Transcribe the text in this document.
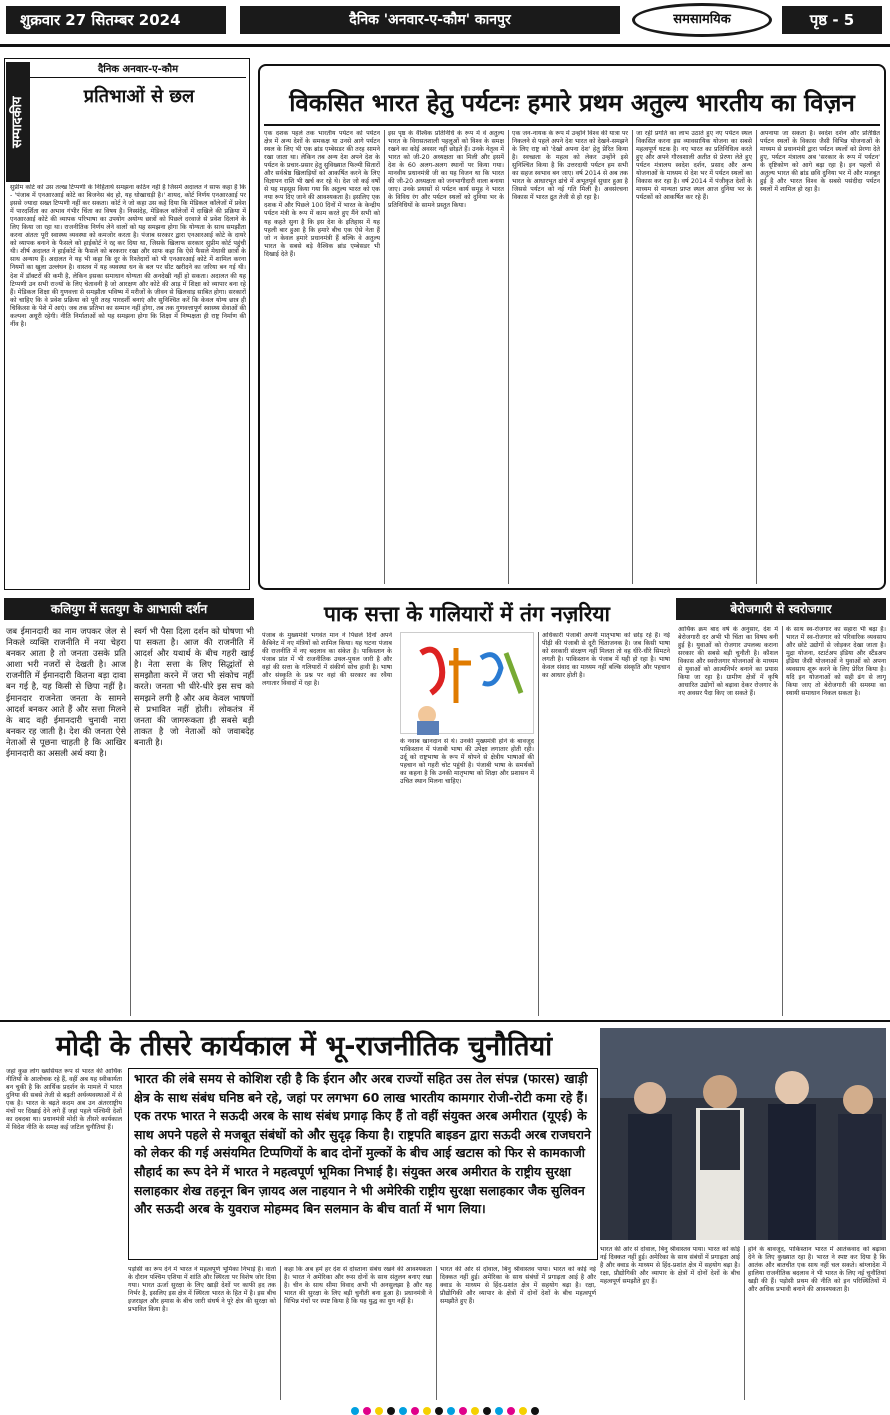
शुक्रवार 27 सितम्बर 2024	दैनिक 'अनवार-ए-कौम' कानपुर	समसामयिक	पृष्ठ - 5
सम्पादकीय
दैनिक अनवार-ए-कौम
प्रतिभाओं से छल
सुप्रीम कोर्ट को उस तल्ख टिप्पणी के निहितार्थ समझना कठिन नहीं है जिसमें अदालत ने साफ कहा है कि - 'पंजाब में एनआरआई कोटे का बिजनेस बंद हो, यह धोखाधड़ी है।' शायद, कोर्ट निर्णय एनआरआई पर इससे ज्यादा सख्त टिप्पणी नहीं कर सकता। कोर्ट ने जो कहा उस कहे दिया कि मेडिकल कॉलेजों में प्रवेश में पारदर्शिता का अभाव गंभीर चिंता का विषय है। निस्संदेह, मेडिकल कॉलेजों में दाखिले की प्रक्रिया में एनआरआई कोटे की व्यापक परिभाषा का उपयोग अयोग्य छात्रों को पिछले दरवाजे से प्रवेश दिलाने के लिए किया जा रहा था। राजनीतिक निर्णय लेने वालों को यह समझना होगा कि योग्यता के साथ समझौता करना अंततः पूरी स्वास्थ्य व्यवस्था को कमजोर करता है। पंजाब सरकार द्वारा एनआरआई कोटे के दायरे को व्यापक बनाने के फैसले को हाईकोर्ट ने रद्द कर दिया था, जिसके खिलाफ सरकार सुप्रीम कोर्ट पहुंची थी। शीर्ष अदालत ने हाईकोर्ट के फैसले को बरकरार रखा और साफ कहा कि ऐसे फैसले मेधावी छात्रों के साथ अन्याय हैं। अदालत ने यह भी कहा कि दूर के रिश्तेदारों को भी एनआरआई कोटे में शामिल करना नियमों का खुला उल्लंघन है। वास्तव में यह व्यवस्था धन के बल पर सीट खरीदने का जरिया बन गई थी। देश में डॉक्टरों की कमी है, लेकिन इसका समाधान योग्यता की अनदेखी नहीं हो सकता। अदालत की यह टिप्पणी उन सभी राज्यों के लिए चेतावनी है जो आरक्षण और कोटे की आड़ में शिक्षा को व्यापार बना रहे हैं। मेडिकल शिक्षा की गुणवत्ता से समझौता भविष्य में मरीजों के जीवन से खिलवाड़ साबित होगा। सरकारों को चाहिए कि वे प्रवेश प्रक्रिया को पूरी तरह पारदर्शी बनाएं और सुनिश्चित करें कि केवल योग्य छात्र ही चिकित्सा के पेशे में आएं। जब तक प्रतिभा का सम्मान नहीं होगा, तब तक गुणवत्तापूर्ण स्वास्थ्य सेवाओं की कल्पना अधूरी रहेगी। नीति निर्माताओं को यह समझना होगा कि शिक्षा में निष्पक्षता ही राष्ट्र निर्माण की नींव है।
विकसित भारत हेतु पर्यटनः हमारे प्रथम अतुल्य भारतीय का विज़न
एक दशक पहले तक भारतीय पर्यटन को पर्यटन क्षेत्र में अन्य देशों के समकक्ष या उनसे आगे पर्यटन स्थल के लिए भी एक ब्रांड एम्बेसडर की तरह सामने रखा जाता था। लेकिन तब अन्य देश अपने देश के पर्यटन के प्रचार-प्रसार हेतु सुविख्यात फिल्मी सितारों और सर्वश्रेष्ठ खिलाड़ियों को आकर्षित करने के लिए विज्ञापन राशि भी खर्च कर रहे थे। देश जो कई वर्षों से यह महसूस किया गया कि अतुल्य भारत को एक नया रूप दिए जाने की आवश्यकता है। इसलिए एक दशक में और पिछले 100 दिनों में भारत के केन्द्रीय पर्यटन मंत्री के रूप में काम करते हुए मैंने सभी को यह कहते सुना है कि इस देश के इतिहास में यह पहली बार हुआ है कि हमारे बीच एक ऐसे नेता हैं जो न केवल हमारे प्रधानमंत्री हैं बल्कि वे अतुल्य भारत के सबसे बड़े वैश्विक ब्रांड एम्बेसडर भी दिखाई देते हैं।
इस पृष्ठ के वैश्विक प्रतिनिधि के रूप में वे अतुल्य भारत के विरासतशाली पहलुओं को विश्व के समक्ष रखने का कोई अवसर नहीं छोड़ते हैं। उनके नेतृत्व में भारत को जी-20 अध्यक्षता का मिली और इसमें देश के 60 अलग-अलग स्थानों पर किया गया। मानवीय प्रधानमंत्री जी का यह विजन था कि भारत की जी-20 अध्यक्षता को जनभागीदारी वाला बनाया जाए। उनके प्रयासों से पर्यटन कार्य समूह ने भारत के विविध रंग और पर्यटन स्थलों को दुनिया भर के प्रतिनिधियों के सामने प्रस्तुत किया।
एक जन-नायक के रूप में उन्होंने विश्व की यात्रा पर निकलने से पहले अपने देश भारत को देखने-समझने के लिए राष्ट्र को 'देखो अपना देश' हेतु प्रेरित किया है। स्वच्छता के महत्व को लेकर उन्होंने इसे सुनिश्चित किया है कि उत्तरदायी पर्यटन हम सभी का सहज स्वभाव बन जाए। वर्ष 2014 से अब तक भारत के आधारभूत ढांचे में अभूतपूर्व सुधार हुआ है जिससे पर्यटन को नई गति मिली है। अवसंरचना विकास में भारत द्रुत तेजी से हो रहा है।
जा रही प्रगति का लाभ उठाते हुए नए पर्यटन स्थल विकसित करना इस व्यावसायिक योजना का सबसे महत्वपूर्ण घटक है। नए भारत का प्रतिनिधित्व करते हुए और अपने गौरवशाली अतीत से प्रेरणा लेते हुए पर्यटन मंत्रालय स्वदेश दर्शन, प्रसाद और अन्य योजनाओं के माध्यम से देश भर में पर्यटन स्थलों का विकास कर रहा है। वर्ष 2014 में पंजीकृत देशों के माध्यम से मान्यता प्राप्त स्थल आज दुनिया भर के पर्यटकों को आकर्षित कर रहे हैं।
अपनाया जा सकता है। स्वदेश दर्शन और प्रतिष्ठित पर्यटन स्थलों के विकास जैसी विभिन्न योजनाओं के माध्यम से प्रधानमंत्री द्वारा पर्यटन स्थलों को प्रेरणा देते हुए, पर्यटन मंत्रालय अब 'सरकार के रूप में पर्यटन' के दृष्टिकोण को आगे बढ़ा रहा है। इन पहलों से अतुल्य भारत की ब्रांड छवि दुनिया भर में और मजबूत हुई है और भारत विश्व के सबसे पसंदीदा पर्यटन स्थलों में शामिल हो रहा है।
कलियुग में सतयुग के आभासी दर्शन
जब ईमानदारी का नाम जपकर जेल से निकले व्यक्ति राजनीति में नया चेहरा बनकर आता है तो जनता उसके प्रति आशा भरी नजरों से देखती है। आज राजनीति में ईमानदारी कितना बड़ा दावा बन गई है, यह किसी से छिपा नहीं है। ईमानदार राजनेता जनता के सामने आदर्श बनकर आते हैं और सत्ता मिलने के बाद वही ईमानदारी चुनावी नारा बनकर रह जाती है। देश की जनता ऐसे नेताओं से पूछना चाहती है कि आखिर ईमानदारी का असली अर्थ क्या है।
स्वर्ग भी पैसा दिला दर्शन को घोषणा भी पा सकता है। आज की राजनीति में आदर्श और यथार्थ के बीच गहरी खाई है। नेता सत्ता के लिए सिद्धांतों से समझौता करने में जरा भी संकोच नहीं करते। जनता भी धीरे-धीरे इस सच को समझने लगी है और अब केवल भाषणों से प्रभावित नहीं होती। लोकतंत्र में जनता की जागरूकता ही सबसे बड़ी ताकत है जो नेताओं को जवाबदेह बनाती है।
पाक सत्ता के गलियारों में तंग नज़रिया
पंजाब के मुख्यमंत्री भगवंत मान ने पिछले दिनों अपने कैबिनेट में नए मंत्रियों को शामिल किया। यह घटना पंजाब की राजनीति में नए बदलाव का संकेत है। पाकिस्तान के पंजाब प्रांत में भी राजनीतिक उथल-पुथल जारी है और वहां की सत्ता के गलियारों में संकीर्ण सोच हावी है। भाषा और संस्कृति के प्रश्न पर वहां की सरकार का रवैया लगातार विवादों में रहा है।
के नवाब खानदान से थे। उनकी मुख्यमंत्री होने के बावजूद पाकिस्तान में पंजाबी भाषा की उपेक्षा लगातार होती रही। उर्दू को राष्ट्रभाषा के रूप में थोपने से क्षेत्रीय भाषाओं की पहचान को गहरी चोट पहुंची है। पंजाबी भाषा के समर्थकों का कहना है कि उनकी मातृभाषा को शिक्षा और प्रशासन में उचित स्थान मिलना चाहिए।
अधिकारी पंजाबी अपनी मातृभाषा को छोड़ रहे हैं। नई पीढ़ी की पंजाबी से दूरी चिंताजनक है। जब किसी भाषा को सरकारी संरक्षण नहीं मिलता तो वह धीरे-धीरे सिमटने लगती है। पाकिस्तान के पंजाब में यही हो रहा है। भाषा केवल संवाद का माध्यम नहीं बल्कि संस्कृति और पहचान का आधार होती है।
बेरोजगारी से स्वरोजगार
आर्थिक क्रम बाद वर्ष के अनुसार, देश में बेरोजगारी दर अभी भी चिंता का विषय बनी हुई है। युवाओं को रोजगार उपलब्ध कराना सरकार की सबसे बड़ी चुनौती है। कौशल विकास और स्वरोजगार योजनाओं के माध्यम से युवाओं को आत्मनिर्भर बनाने का प्रयास किया जा रहा है। ग्रामीण क्षेत्रों में कृषि आधारित उद्योगों को बढ़ावा देकर रोजगार के नए अवसर पैदा किए जा सकते हैं।
के साथ स्व-रोजगार का सहारा भी बढ़ा है। भारत में स्व-रोजगार को परिवारिक व्यवसाय और छोटे उद्योगों से जोड़कर देखा जाता है। मुद्रा योजना, स्टार्टअप इंडिया और स्टैंडअप इंडिया जैसी योजनाओं ने युवाओं को अपना व्यवसाय शुरू करने के लिए प्रेरित किया है। यदि इन योजनाओं को सही ढंग से लागू किया जाए तो बेरोजगारी की समस्या का स्थायी समाधान निकल सकता है।
मोदी के तीसरे कार्यकाल में भू-राजनीतिक चुनौतियां
भारत की लंबे समय से कोशिश रही है कि ईरान और अरब राज्यों सहित उस तेल संपन्न (फारस) खाड़ी क्षेत्र के साथ संबंध घनिष्ठ बने रहे, जहां पर लगभग 60 लाख भारतीय कामगार रोजी-रोटी कमा रहे हैं। एक तरफ भारत ने सऊदी अरब के साथ संबंध प्रगाढ़ किए हैं तो वहीं संयुक्त अरब अमीरात (यूएई) के साथ अपने पहले से मजबूत संबंधों को और सुदृढ़ किया है। राष्ट्रपति बाइडन द्वारा सऊदी अरब राजघराने को लेकर की गई असंयमित टिप्पणियों के बाद दोनों मुल्कों के बीच आई खटास को फिर से कामकाजी सौहार्द का रूप देने में भारत ने महत्वपूर्ण भूमिका निभाई है। संयुक्त अरब अमीरात के राष्ट्रीय सुरक्षा सलाहकार शेख तहनून बिन ज़ायद अल नाहयान ने भी अमेरिकी राष्ट्रीय सुरक्षा सलाहकार जैक सुलिवन और सऊदी अरब के युवराज मोहम्मद बिन सलमान के बीच वार्ता में भाग लिया।
जहां कुछ लोग ख्यसियत रूप से भारत की आर्थिक नीतियों के आलोचक रहे हैं, वहीं अब यह स्वीकार्यता बन चुकी है कि आर्थिक प्रदर्शन के मामले में भारत दुनिया की सबसे तेजी से बढ़ती अर्थव्यवस्थाओं में से एक है। भारत के बढ़ते कदम अब उन अंतरराष्ट्रीय मंचों पर दिखाई देने लगे हैं जहां पहले पश्चिमी देशों का दबदबा था। प्रधानमंत्री मोदी के तीसरे कार्यकाल में विदेश नीति के समक्ष कई जटिल चुनौतियां हैं।
पड़ोसी का रूप देने में भारत ने महत्वपूर्ण भूमिका निभाई है। वार्ता के दौरान पश्चिम एशिया में शांति और स्थिरता पर विशेष जोर दिया गया। भारत ऊर्जा सुरक्षा के लिए खाड़ी देशों पर काफी हद तक निर्भर है, इसलिए इस क्षेत्र में स्थिरता भारत के हित में है। इस बीच इजराइल और हमास के बीच जारी संघर्ष ने पूरे क्षेत्र की सुरक्षा को प्रभावित किया है।
कहा कि अब हमें हर देश से दोस्ताना संबंध रखने की आवश्यकता है। भारत ने अमेरिका और रूस दोनों के साथ संतुलन बनाए रखा है। चीन के साथ सीमा विवाद अभी भी अनसुलझा है और यह भारत की सुरक्षा के लिए बड़ी चुनौती बना हुआ है। प्रधानमंत्री ने विभिन्न मंचों पर स्पष्ट किया है कि यह युद्ध का युग नहीं है।
भारत की ओर से दोवाल, बिनु श्रीवास्तव पाया। भारत को कोई नई दिक्कत नहीं हुई। अमेरिका के साथ संबंधों में प्रगाढ़ता आई है और क्वाड के माध्यम से हिंद-प्रशांत क्षेत्र में सहयोग बढ़ा है। रक्षा, प्रौद्योगिकी और व्यापार के क्षेत्रों में दोनों देशों के बीच महत्वपूर्ण समझौते हुए हैं।
भारत की ओर से दोवाल, बिनु श्रीवास्तव पाया। भारत को कोई नई दिक्कत नहीं हुई। अमेरिका के साथ संबंधों में प्रगाढ़ता आई है और क्वाड के माध्यम से हिंद-प्रशांत क्षेत्र में सहयोग बढ़ा है। रक्षा, प्रौद्योगिकी और व्यापार के क्षेत्रों में दोनों देशों के बीच महत्वपूर्ण समझौते हुए हैं।
होने के बावजूद, पाकिस्तान भारत में आतंकवाद को बढ़ावा देने के लिए कुख्यात रहा है। भारत ने स्पष्ट कर दिया है कि आतंक और बातचीत एक साथ नहीं चल सकते। बांग्लादेश में हालिया राजनीतिक बदलाव ने भी भारत के लिए नई चुनौतियां खड़ी की हैं। पड़ोसी प्रथम की नीति को इन परिस्थितियों में और अधिक प्रभावी बनाने की आवश्यकता है।
